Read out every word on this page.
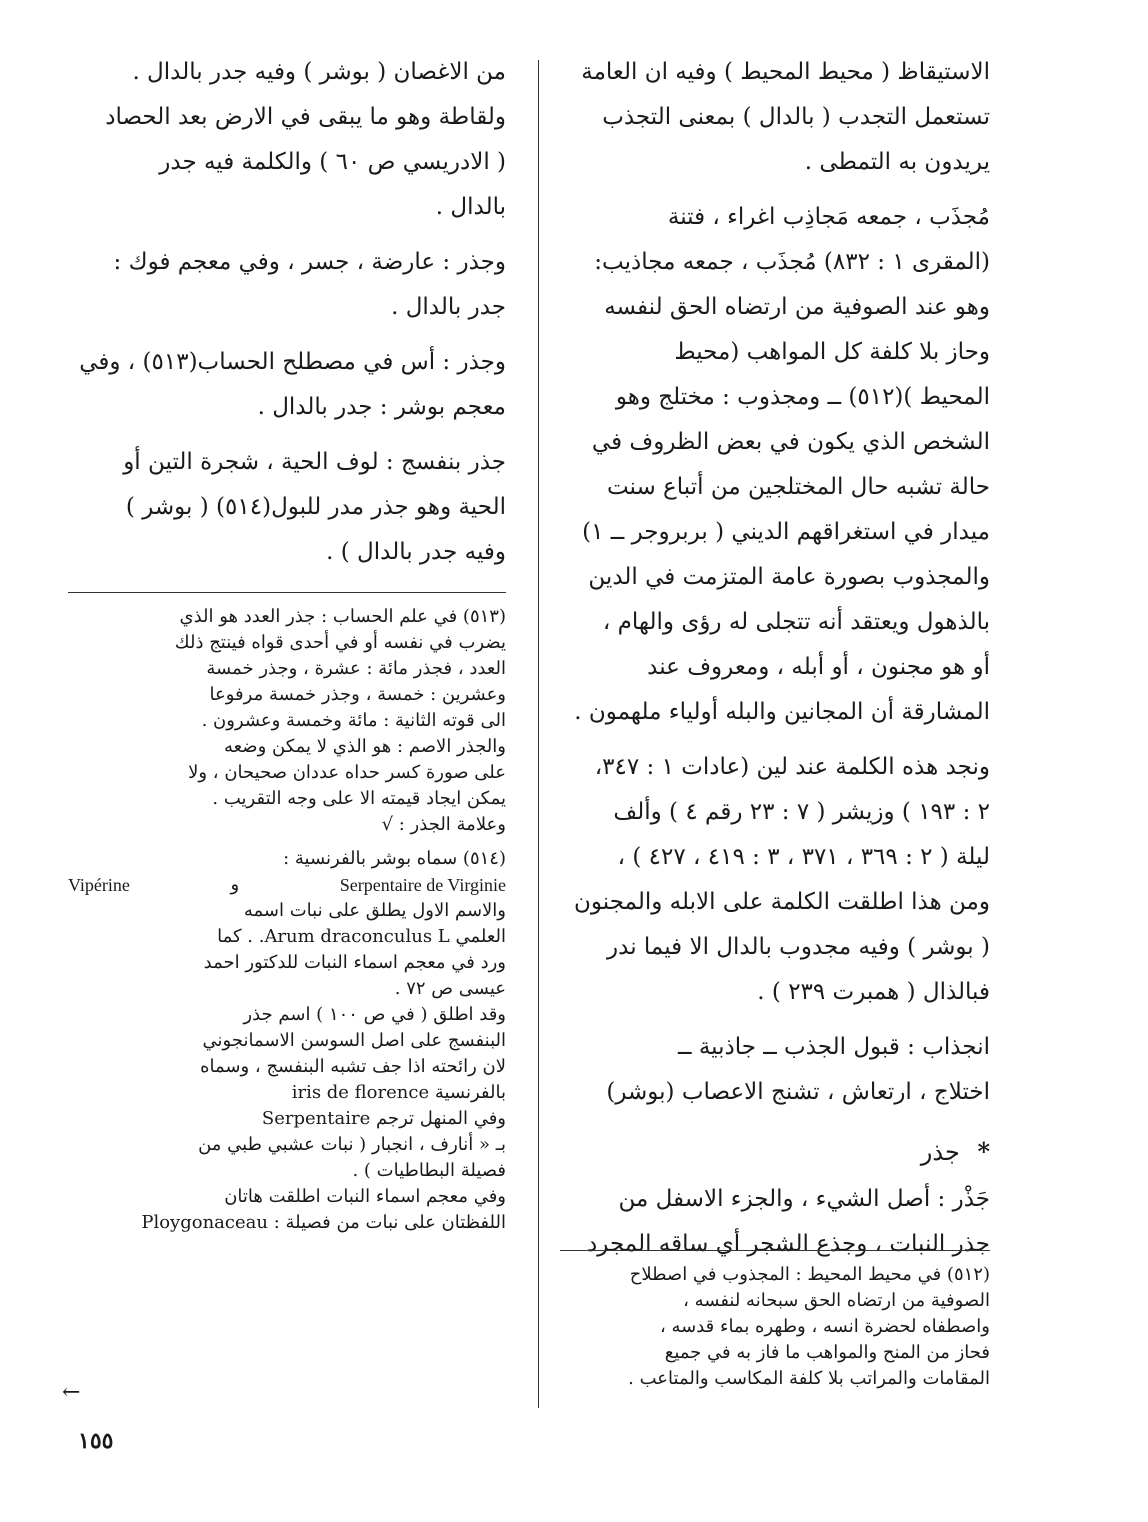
الاستيقاظ ( محيط المحيط ) وفيه ان العامة
تستعمل التجدب ( بالدال ) بمعنى التجذب
يريدون به التمطى .

مُجذَب ، جمعه مَجاذِب اغراء ، فتنة
(المقرى ١ : ٨٣٢) مُجذَب ، جمعه مجاذيب:
وهو عند الصوفية من ارتضاه الحق لنفسه
وحاز بلا كلفة كل المواهب (محيط
المحيط )(٥١٢) ــ ومجذوب : مختلج وهو
الشخص الذي يكون في بعض الظروف في
حالة تشبه حال المختلجين من أتباع سنت
ميدار في استغراقهم الديني ( بربروجر ــ ١)
والمجذوب بصورة عامة المتزمت في الدين
بالذهول ويعتقد أنه تتجلى له رؤى والهام ،
أو هو مجنون ، أو أبله ، ومعروف عند
المشارقة أن المجانين والبله أولياء ملهمون .

ونجد هذه الكلمة عند لين (عادات ١ : ٣٤٧،
٢ : ١٩٣ ) وزيشر ( ٧ : ٢٣ رقم ٤ ) وألف
ليلة ( ٢ : ٣٦٩ ، ٣٧١ ، ٣ : ٤١٩ ، ٤٢٧ ) ،
ومن هذا اطلقت الكلمة على الابله والمجنون
( بوشر ) وفيه مجدوب بالدال الا فيما ندر
فبالذال ( همبرت ٢٣٩ ) .

انجذاب : قبول الجذب ــ جاذبية ــ
اختلاج ، ارتعاش ، تشنج الاعصاب (بوشر)

* جذر

جَذْر : أصل الشيء ، والجزء الاسفل من
جذر النبات ، وجذع الشجر أي ساقه المجرد

(٥١٢) في محيط المحيط : المجذوب في اصطلاح
الصوفية من ارتضاه الحق سبحانه لنفسه ،
واصطفاه لحضرة انسه ، وطهره بماء قدسه ،
فحاز من المنح والمواهب ما فاز به في جميع
المقامات والمراتب بلا كلفة المكاسب والمتاعب .

من الاغصان ( بوشر ) وفيه جدر بالدال .
ولقاطة وهو ما يبقى في الارض بعد الحصاد
( الادريسي ص ٦٠ ) والكلمة فيه جدر
بالدال .

وجذر : عارضة ، جسر ، وفي معجم فوك :
جدر بالدال .

وجذر : أس في مصطلح الحساب(٥١٣) ، وفي
معجم بوشر : جدر بالدال .

جذر بنفسج : لوف الحية ، شجرة التين أو
الحية وهو جذر مدر للبول(٥١٤) ( بوشر )
وفيه جدر بالدال ) .

(٥١٣) في علم الحساب : جذر العدد هو الذي
يضرب في نفسه أو في أحدى قواه فينتج ذلك
العدد ، فجذر مائة : عشرة ، وجذر خمسة
وعشرين : خمسة ، وجذر خمسة مرفوعا
الى قوته الثانية : مائة وخمسة وعشرون .
والجذر الاصم : هو الذي لا يمكن وضعه
على صورة كسر حداه عددان صحيحان ، ولا
يمكن ايجاد قيمته الا على وجه التقريب .
وعلامة الجذر : √

(٥١٤) سماه بوشر بالفرنسية :
Vipérine	و	Serpentaire de Virginie
والاسم الاول يطلق على نبات اسمه
العلمي Arum draconculus L. . كما
ورد في معجم اسماء النبات للدكتور احمد
عيسى ص ٧٢ .
وقد اطلق ( في ص ١٠٠ ) اسم جذر
البنفسج على اصل السوسن الاسمانجوني
لان رائحته اذا جف تشبه البنفسج ، وسماه
بالفرنسية iris de florence
وفي المنهل ترجم Serpentaire
بـ « أنارف ، انجبار ( نبات عشبي طبي من
فصيلة البطاطيات ) .
وفي معجم اسماء النبات اطلقت هاتان
اللفظتان على نبات من فصيلة : Ploygonaceau

←
١٥٥
